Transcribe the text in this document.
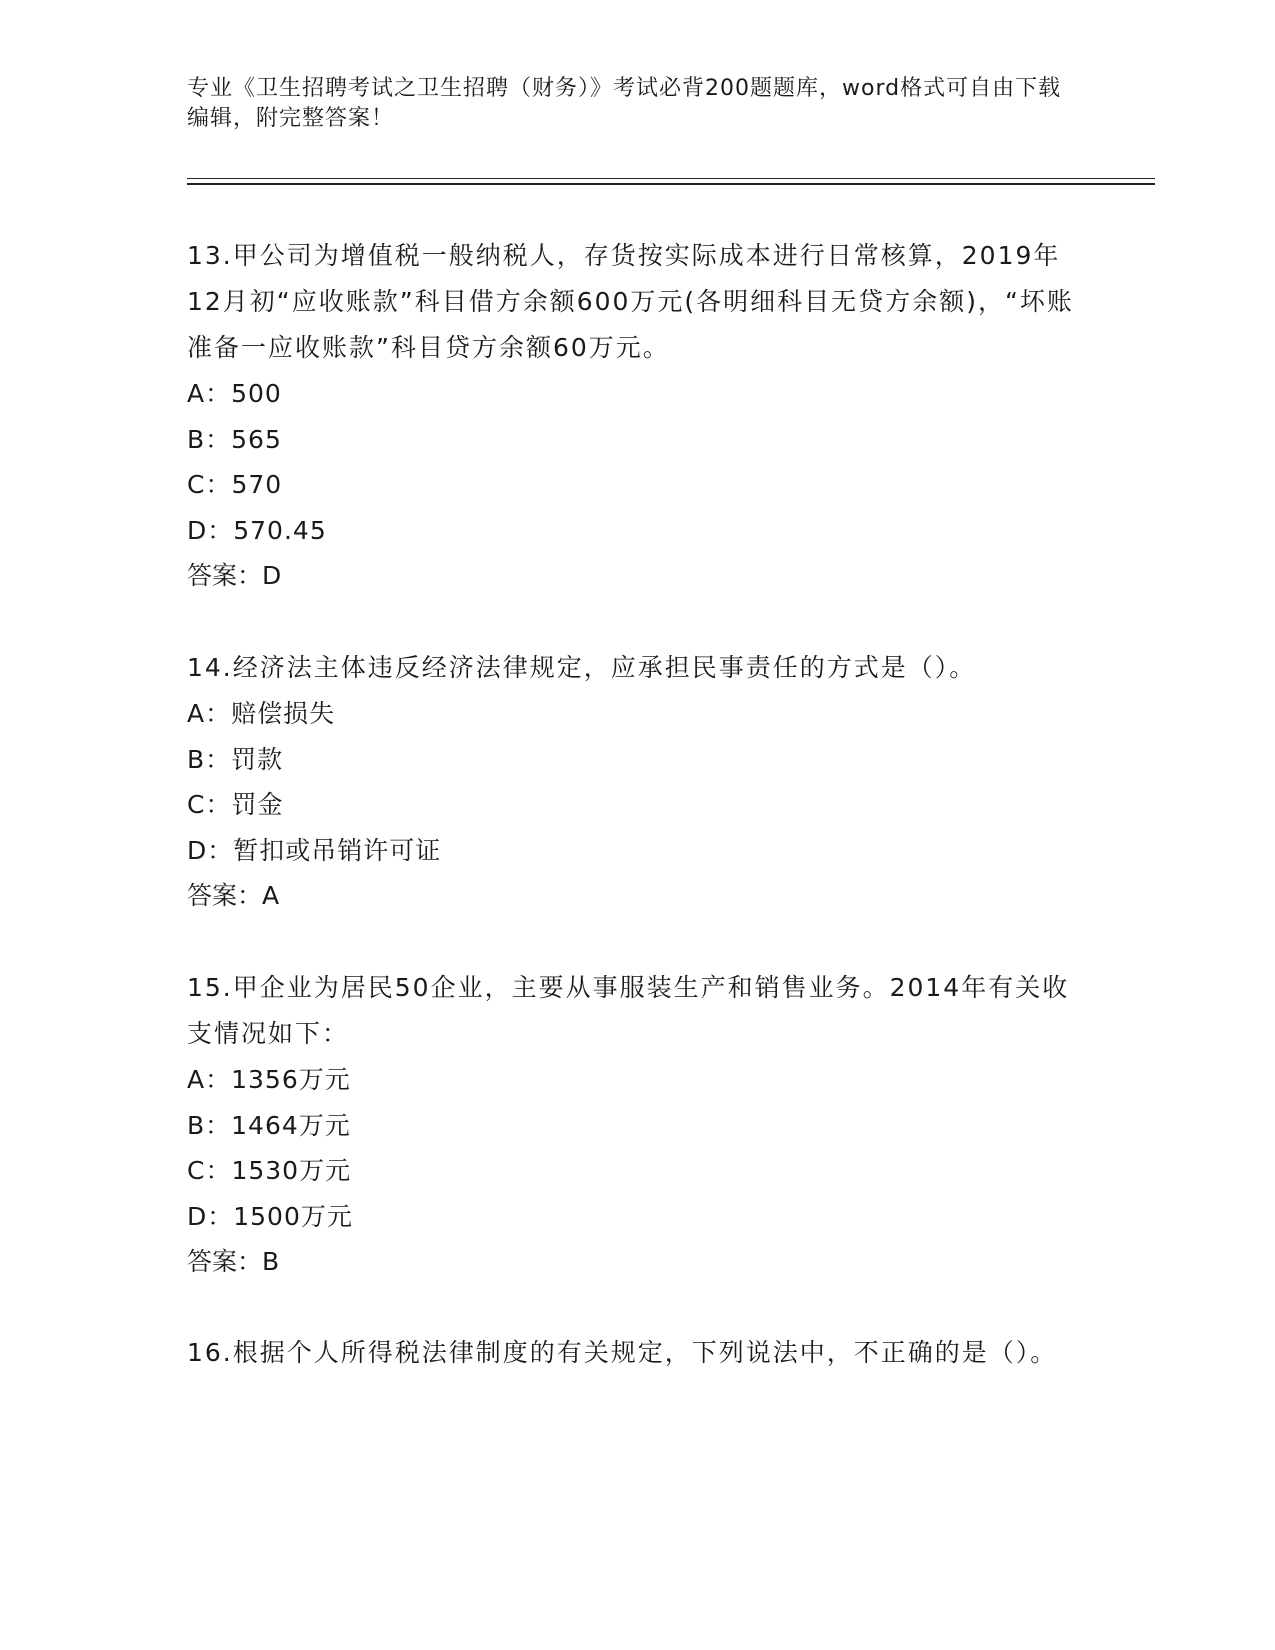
专业《卫生招聘考试之卫生招聘（财务）》考试必背200题题库，word格式可自由下载编辑，附完整答案！

13.甲公司为增值税一般纳税人，存货按实际成本进行日常核算，2019年12月初“应收账款”科目借方余额600万元(各明细科目无贷方余额)，“坏账准备一应收账款”科目贷方余额60万元。

A：500

B：565

C：570

D：570.45

答案：D

14.经济法主体违反经济法律规定，应承担民事责任的方式是（）。

A：赔偿损失

B：罚款

C：罚金

D：暂扣或吊销许可证

答案：A

15.甲企业为居民50企业，主要从事服装生产和销售业务。2014年有关收支情况如下：

A：1356万元

B：1464万元

C：1530万元

D：1500万元

答案：B

16.根据个人所得税法律制度的有关规定，下列说法中，不正确的是（）。
